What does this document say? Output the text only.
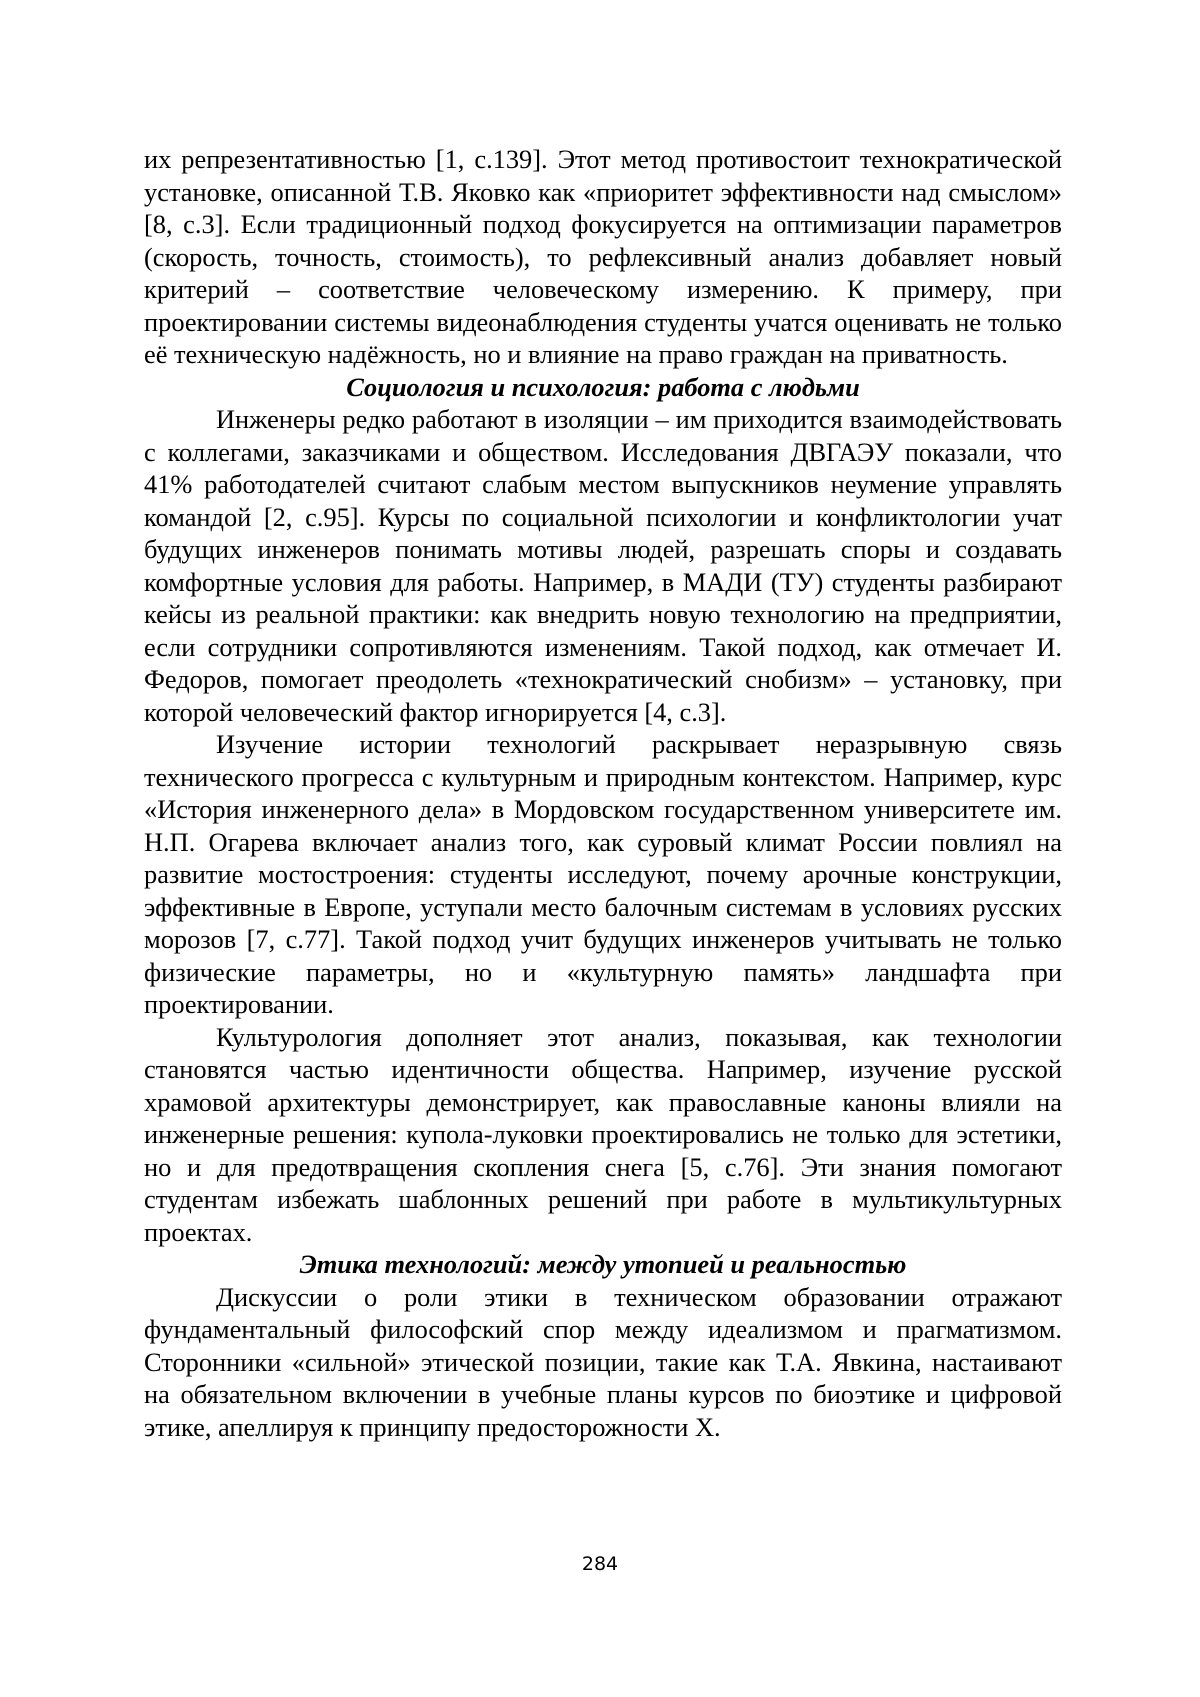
их репрезентативностью [1, с.139]. Этот метод противостоит технократической установке, описанной Т.В. Яковко как «приоритет эффективности над смыслом» [8, с.3]. Если традиционный подход фокусируется на оптимизации параметров (скорость, точность, стоимость), то рефлексивный анализ добавляет новый критерий – соответствие человеческому измерению. К примеру, при проектировании системы видеонаблюдения студенты учатся оценивать не только её техническую надёжность, но и влияние на право граждан на приватность.

Социология и психология: работа с людьми

Инженеры редко работают в изоляции – им приходится взаимодействовать с коллегами, заказчиками и обществом. Исследования ДВГАЭУ показали, что 41% работодателей считают слабым местом выпускников неумение управлять командой [2, с.95]. Курсы по социальной психологии и конфликтологии учат будущих инженеров понимать мотивы людей, разрешать споры и создавать комфортные условия для работы. Например, в МАДИ (ТУ) студенты разбирают кейсы из реальной практики: как внедрить новую технологию на предприятии, если сотрудники сопротивляются изменениям. Такой подход, как отмечает И. Федоров, помогает преодолеть «технократический снобизм» – установку, при которой человеческий фактор игнорируется [4, с.3].

Изучение истории технологий раскрывает неразрывную связь технического прогресса с культурным и природным контекстом. Например, курс «История инженерного дела» в Мордовском государственном университете им. Н.П. Огарева включает анализ того, как суровый климат России повлиял на развитие мостостроения: студенты исследуют, почему арочные конструкции, эффективные в Европе, уступали место балочным системам в условиях русских морозов [7, с.77]. Такой подход учит будущих инженеров учитывать не только физические параметры, но и «культурную память» ландшафта при проектировании.

Культурология дополняет этот анализ, показывая, как технологии становятся частью идентичности общества. Например, изучение русской храмовой архитектуры демонстрирует, как православные каноны влияли на инженерные решения: купола-луковки проектировались не только для эстетики, но и для предотвращения скопления снега [5, с.76]. Эти знания помогают студентам избежать шаблонных решений при работе в мультикультурных проектах.

Этика технологий: между утопией и реальностью

Дискуссии о роли этики в техническом образовании отражают фундаментальный философский спор между идеализмом и прагматизмом. Сторонники «сильной» этической позиции, такие как Т.А. Явкина, настаивают на обязательном включении в учебные планы курсов по биоэтике и цифровой этике, апеллируя к принципу предосторожности Х.

284
